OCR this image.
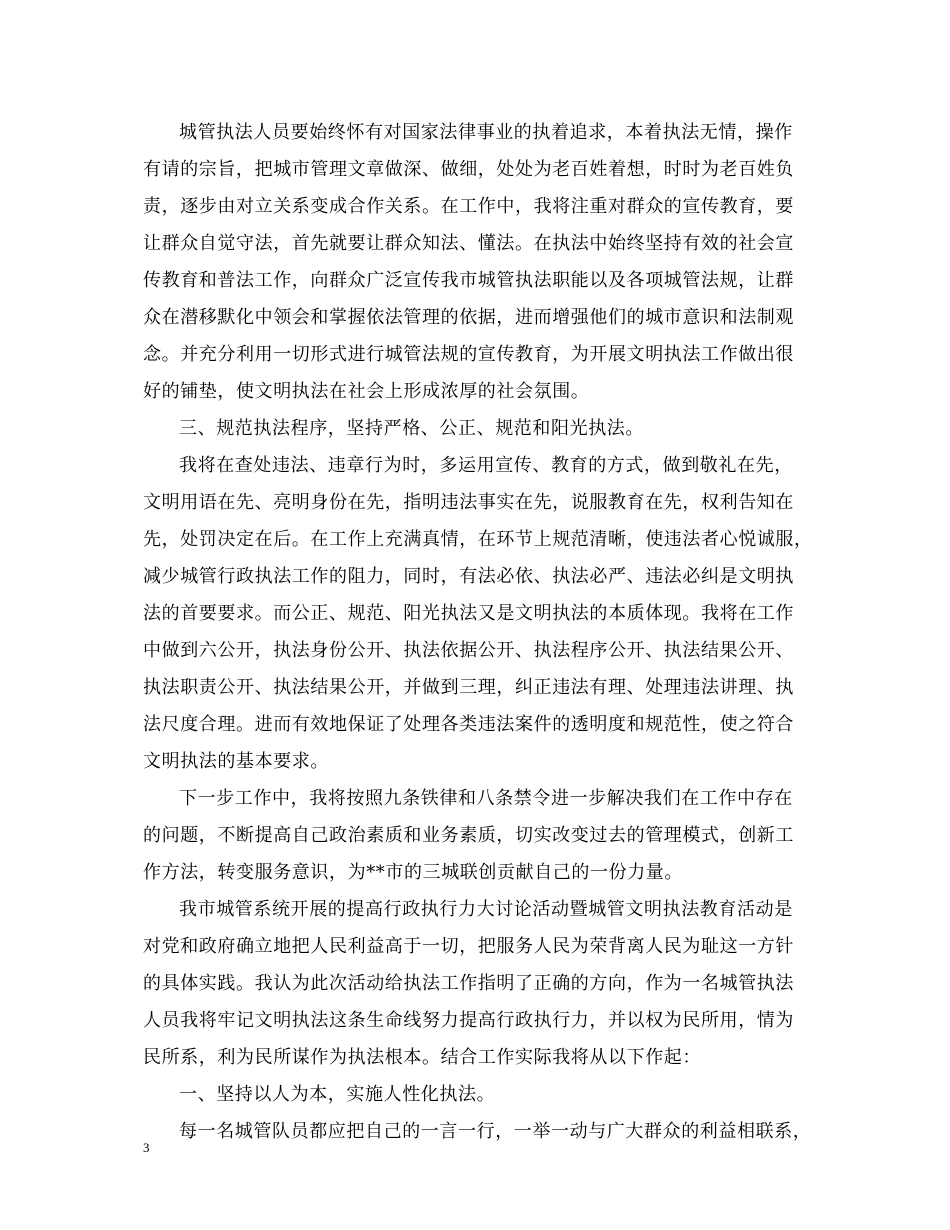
城管执法人员要始终怀有对国家法律事业的执着追求，本着执法无情，操作
有请的宗旨，把城市管理文章做深、做细，处处为老百姓着想，时时为老百姓负
责，逐步由对立关系变成合作关系。在工作中，我将注重对群众的宣传教育，要
让群众自觉守法，首先就要让群众知法、懂法。在执法中始终坚持有效的社会宣
传教育和普法工作，向群众广泛宣传我市城管执法职能以及各项城管法规，让群
众在潜移默化中领会和掌握依法管理的依据，进而增强他们的城市意识和法制观
念。并充分利用一切形式进行城管法规的宣传教育，为开展文明执法工作做出很
好的铺垫，使文明执法在社会上形成浓厚的社会氛围。
三、规范执法程序，坚持严格、公正、规范和阳光执法。
我将在查处违法、违章行为时，多运用宣传、教育的方式，做到敬礼在先，
文明用语在先、亮明身份在先，指明违法事实在先，说服教育在先，权利告知在
先，处罚决定在后。在工作上充满真情，在环节上规范清晰，使违法者心悦诚服，
减少城管行政执法工作的阻力，同时，有法必依、执法必严、违法必纠是文明执
法的首要要求。而公正、规范、阳光执法又是文明执法的本质体现。我将在工作
中做到六公开，执法身份公开、执法依据公开、执法程序公开、执法结果公开、
执法职责公开、执法结果公开，并做到三理，纠正违法有理、处理违法讲理、执
法尺度合理。进而有效地保证了处理各类违法案件的透明度和规范性，使之符合
文明执法的基本要求。
下一步工作中，我将按照九条铁律和八条禁令进一步解决我们在工作中存在
的问题，不断提高自己政治素质和业务素质，切实改变过去的管理模式，创新工
作方法，转变服务意识，为**市的三城联创贡献自己的一份力量。
我市城管系统开展的提高行政执行力大讨论活动暨城管文明执法教育活动是
对党和政府确立地把人民利益高于一切，把服务人民为荣背离人民为耻这一方针
的具体实践。我认为此次活动给执法工作指明了正确的方向，作为一名城管执法
人员我将牢记文明执法这条生命线努力提高行政执行力，并以权为民所用，情为
民所系，利为民所谋作为执法根本。结合工作实际我将从以下作起：
一、坚持以人为本，实施人性化执法。
每一名城管队员都应把自己的一言一行，一举一动与广大群众的利益相联系，
3
